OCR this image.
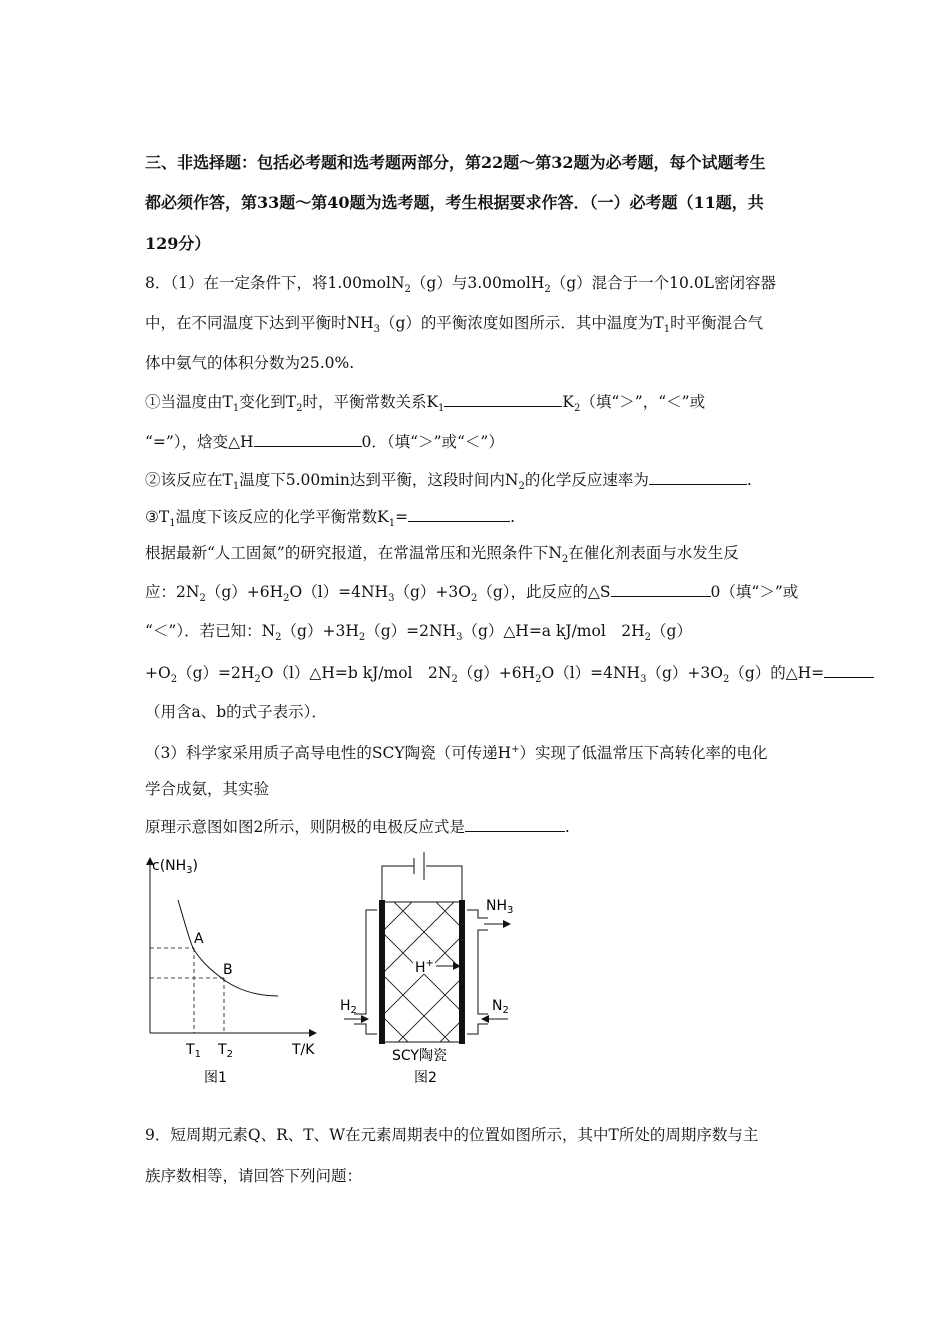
三、非选择题：包括必考题和选考题两部分，第22题～第32题为必考题，每个试题考生
都必须作答，第33题～第40题为选考题，考生根据要求作答．（一）必考题（11题，共
129分）
8．（1）在一定条件下，将1.00molN$_2$（g）与3.00molH$_2$（g）混合于一个10.0L密闭容器
中，在不同温度下达到平衡时$NH_3(g)$的平衡浓度如图所示．其中温度为$T_1$时平衡混合气
体中氨气的体积分数为25.0%.
①当温度由$T_1$变化到$T_2$时，平衡常数关系$K_1$	$K_2$（填“＞”，“＜”或
“=”），焓变△H	0．（填“＞”或“＜”）
②该反应在$T_1$温度下5.00min达到平衡，这段时间内$N_2$的化学反应速率为	.
$③T_1$温度下该反应的化学平衡常数$K_1=$	.
根据最新“人工固氮”的研究报道，在常温常压和光照条件下$N_2$在催化剂表面与水发生反
应：$2N_2(g)+6H_2O(l)=4NH_3(g)+3O_2(g)$，此反应的△S	0（填“＞”或
“＜”）．若已知：$N_2(g)+3H_2(g)=2NH_3(g)\triangle H=a$ kJ/mol　$2H_2(g)$
$+O_2(g)=2H_2O(l)\triangle H=b$ kJ/mol　$2N_2(g)+6H_2O(l)=4NH_3(g)+3O_2(g)$的△H=
（用含a、b的式子表示）．
（3）科学家采用质子高导电性的SCY陶瓷（可传递H+）实现了低温常压下高转化率的电化
学合成氨，其实验
原理示意图如图2所示，则阴极的电极反应式是	.
$c(NH_3)$
A
B
$T_1$ $T_2$	T/K
图1
H+
$NH_3$
$H_2$	$N_2$
SCY陶瓷
图2
9．短周期元素Q、R、T、W在元素周期表中的位置如图所示，其中T所处的周期序数与主
族序数相等，请回答下列问题：
